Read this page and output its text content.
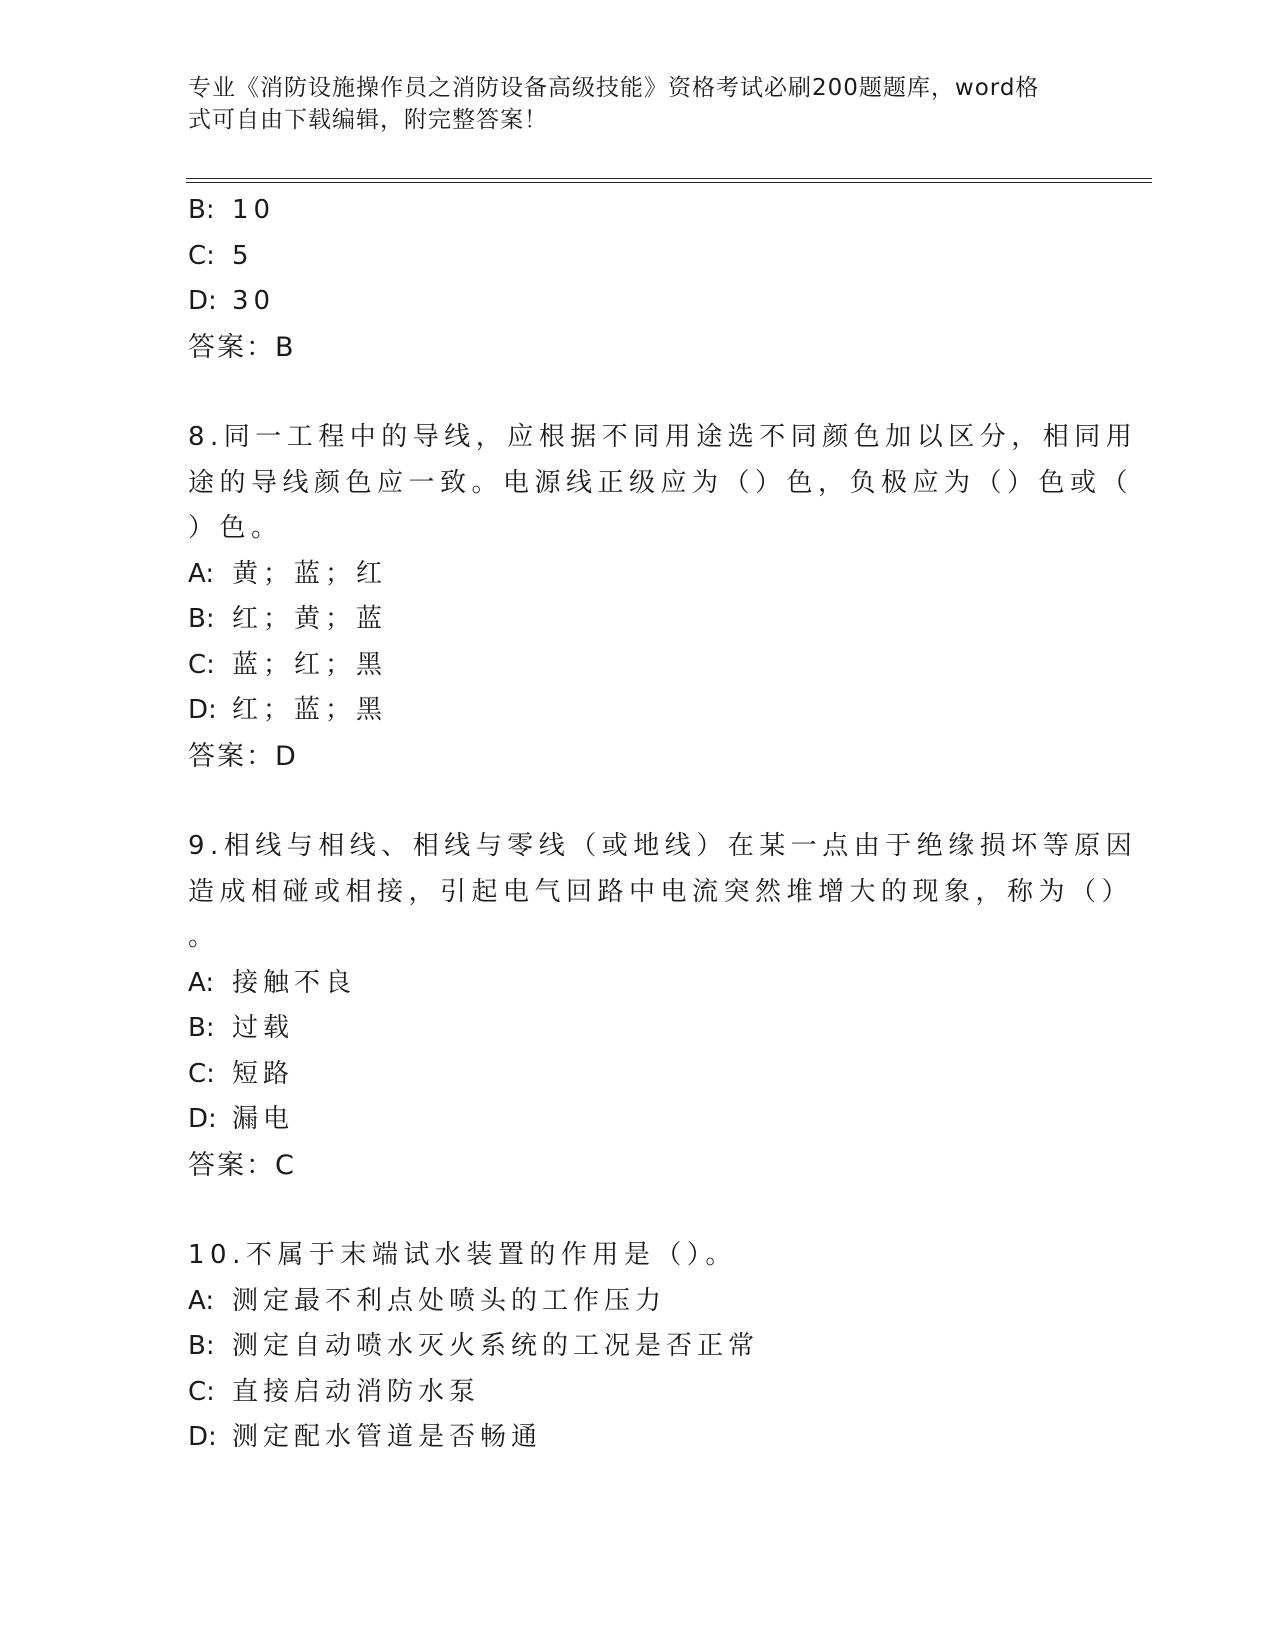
专业《消防设施操作员之消防设备高级技能》资格考试必刷200题题库，word格
式可自由下载编辑，附完整答案！
B: 10
C: 5
D: 30
答案：B
8.同一工程中的导线，应根据不同用途选不同颜色加以区分，相同用
途的导线颜色应一致。电源线正级应为（）色，负极应为（）色或（
）色。
A: 黄；蓝；红
B: 红；黄；蓝
C: 蓝；红；黑
D: 红；蓝；黑
答案：D
9.相线与相线、相线与零线（或地线）在某一点由于绝缘损坏等原因
造成相碰或相接，引起电气回路中电流突然堆增大的现象，称为（）
。
A: 接触不良
B: 过载
C: 短路
D: 漏电
答案：C
10.不属于末端试水装置的作用是（）。
A: 测定最不利点处喷头的工作压力
B: 测定自动喷水灭火系统的工况是否正常
C: 直接启动消防水泵
D: 测定配水管道是否畅通
